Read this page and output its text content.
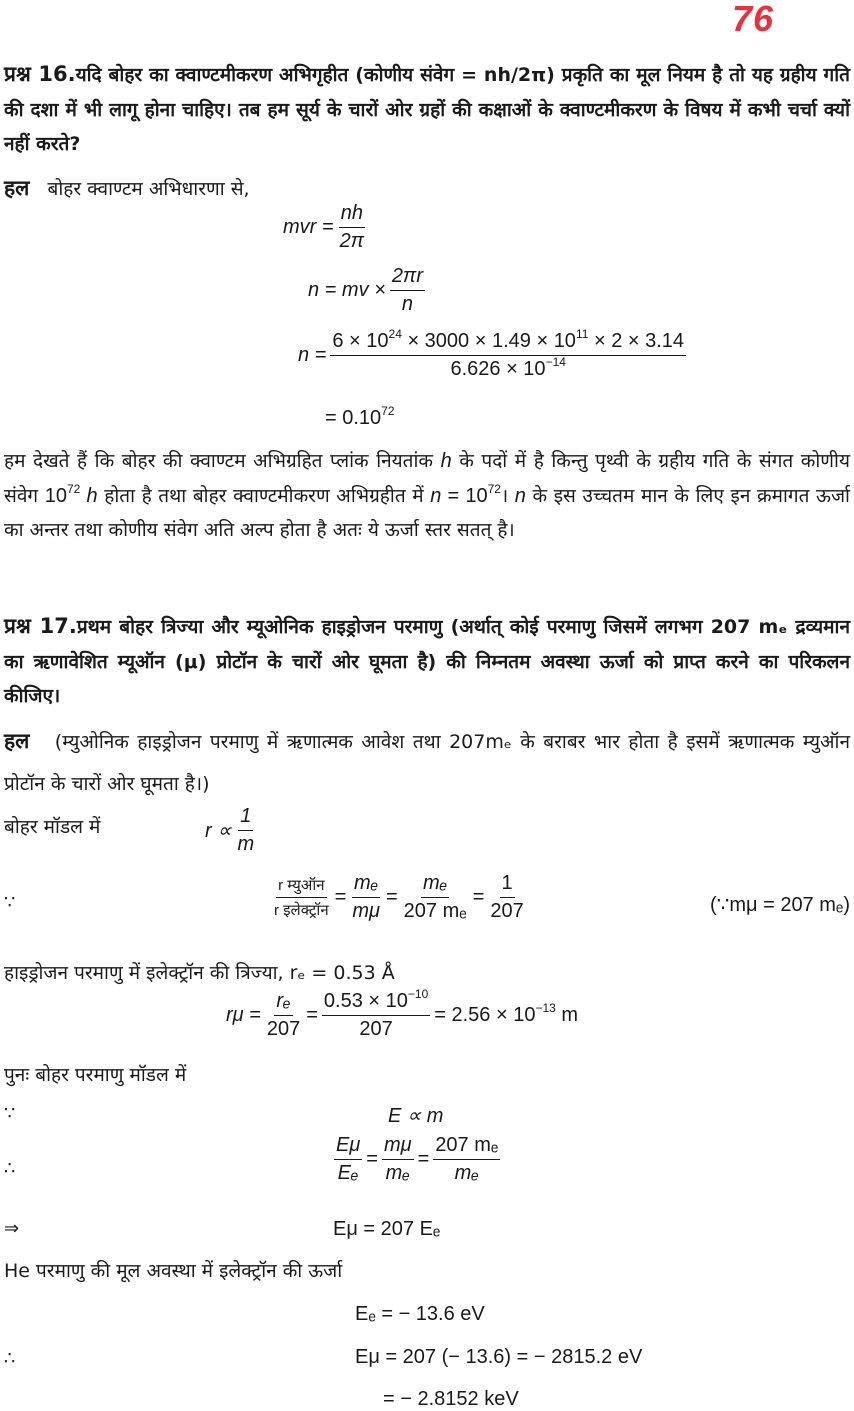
76
प्रश्न 16.यदि बोहर का क्वाण्टमीकरण अभिगृहीत (कोणीय संवेग = nh/2π) प्रकृति का मूल नियम है तो यह ग्रहीय गति की दशा में भी लागू होना चाहिए। तब हम सूर्य के चारों ओर ग्रहों की कक्षाओं के क्वाण्टमीकरण के विषय में कभी चर्चा क्यों नहीं करते?
हल बोहर क्वाण्टम अभिधारणा से,
mvr = $\frac{nh}{2\pi}$
n = mv × $\frac{2\pi r}{n}$
$n = \frac{6 \times 10^{24} \times 3000 \times 1.49 \times 10^{11} \times 2 \times 3.14}{6.626 \times 10^{-14}}$
= $0.10^{72}$
हम देखते हैं कि बोहर की क्वाण्टम अभिग्रहित प्लांक नियतांक h के पदों में है किन्तु पृथ्वी के ग्रहीय गति के संगत कोणीय संवेग $10^{72}$ h होता है तथा बोहर क्वाण्टमीकरण अभिग्रहीत में $n = 10^{72}।$ n के इस उच्चतम मान के लिए इन क्रमागत ऊर्जा का अन्तर तथा कोणीय संवेग अति अल्प होता है अतः ये ऊर्जा स्तर सतत् है।
प्रश्न 17.प्रथम बोहर त्रिज्या और म्यूओनिक हाइड्रोजन परमाणु (अर्थात् कोई परमाणु जिसमें लगभग 207 mₑ द्रव्यमान का ऋणावेशित म्यूऑन (μ) प्रोटॉन के चारों ओर घूमता है) की निम्नतम अवस्था ऊर्जा को प्राप्त करने का परिकलन कीजिए।
हल (म्युओनिक हाइड्रोजन परमाणु में ऋणात्मक आवेश तथा 207mₑ के बराबर भार होता है इसमें ऋणात्मक म्युऑन प्रोटॉन के चारों ओर घूमता है।)
बोहर मॉडल में	$r \propto \frac{1}{m}$
∵	$\frac{\text{r म्युऑन}}{\text{r इलेक्ट्रॉन}} = \frac{\text{mₑ}}{m\mu} = \frac{\text{mₑ}}{\text{207 mₑ}} = \frac{1}{207}$	(∵mμ = 207 mₑ)
हाइड्रोजन परमाणु में इलेक्ट्रॉन की त्रिज्या, rₑ = 0.53 Å
$r\mu = \frac{\text{rₑ}}{207} = \frac{0.53 \times 10^{-10}}{207} = 2.56 \times 10^{-13}$ m
पुनः बोहर परमाणु मॉडल में
∵	E ∝ m
∴	$\frac{E\mu}{\text{Eₑ}} = \frac{m\mu}{\text{mₑ}} = \frac{\text{207 mₑ}}{\text{mₑ}}$
⇒	Eμ = 207 Eₑ
He परमाणु की मूल अवस्था में इलेक्ट्रॉन की ऊर्जा
Eₑ = − 13.6 eV
∴	Eμ = 207 (− 13.6) = − 2815.2 eV
= − 2.8152 keV
